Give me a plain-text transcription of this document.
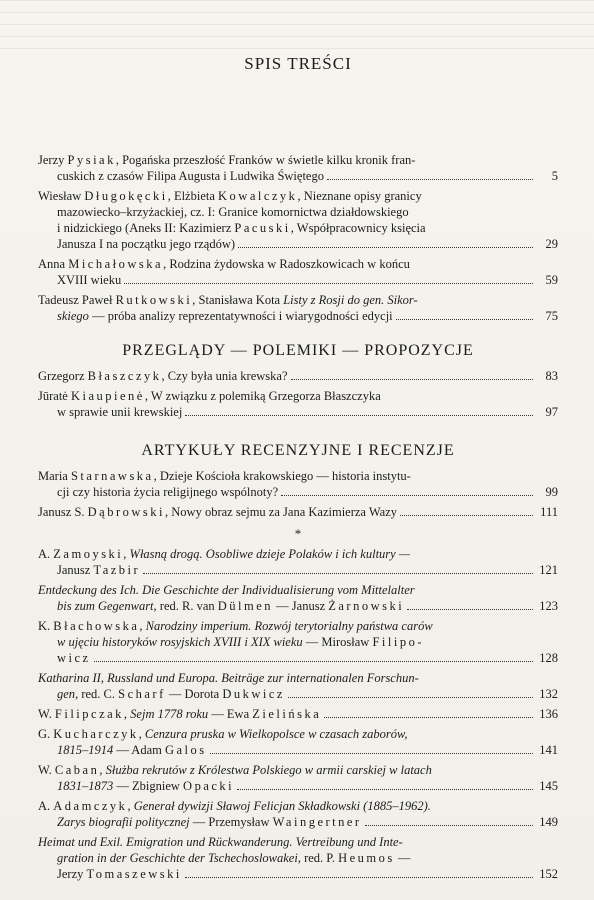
SPIS TREŚCI
Jerzy Pysiak, Pogańska przeszłość Franków w świetle kilku kronik fran-
cuskich z czasów Filipa Augusta i Ludwika Świętego	5
Wiesław Długokęcki, Elżbieta Kowalczyk, Nieznane opisy granicy
mazowiecko–krzyżackiej, cz. I: Granice komornictwa działdowskiego
i nidzickiego (Aneks II: Kazimierz Pacuski, Współpracownicy księcia
Janusza I na początku jego rządów)	29
Anna Michałowska, Rodzina żydowska w Radoszkowicach w końcu
XVIII wieku	59
Tadeusz Paweł Rutkowski, Stanisława Kota Listy z Rosji do gen. Sikor-
skiego — próba analizy reprezentatywności i wiarygodności edycji	75
PRZEGLĄDY — POLEMIKI — PROPOZYCJE
Grzegorz Błaszczyk, Czy była unia krewska?	83
Jūratė Kiaupienė, W związku z polemiką Grzegorza Błaszczyka
w sprawie unii krewskiej	97
ARTYKUŁY RECENZYJNE I RECENZJE
Maria Starnawska, Dzieje Kościoła krakowskiego — historia instytu-
cji czy historia życia religijnego wspólnoty?	99
Janusz S. Dąbrowski, Nowy obraz sejmu za Jana Kazimierza Wazy	111
*
A. Zamoyski, Własną drogą. Osobliwe dzieje Polaków i ich kultury —
Janusz Tazbir	121
Entdeckung des Ich. Die Geschichte der Individualisierung vom Mittelalter
bis zum Gegenwart, red. R. van Dülmen — Janusz Żarnowski	123
K. Błachowska, Narodziny imperium. Rozwój terytorialny państwa carów
w ujęciu historyków rosyjskich XVIII i XIX wieku — Mirosław Filipo-
wicz	128
Katharina II, Russland und Europa. Beiträge zur internationalen Forschun-
gen, red. C. Scharf — Dorota Dukwicz	132
W. Filipczak, Sejm 1778 roku — Ewa Zielińska	136
G. Kucharczyk, Cenzura pruska w Wielkopolsce w czasach zaborów,
1815–1914 — Adam Galos	141
W. Caban, Służba rekrutów z Królestwa Polskiego w armii carskiej w latach
1831–1873 — Zbigniew Opacki	145
A. Adamczyk, Generał dywizji Sławoj Felicjan Składkowski (1885–1962).
Zarys biografii politycznej — Przemysław Waingertner	149
Heimat und Exil. Emigration und Rückwanderung. Vertreibung und Inte-
gration in der Geschichte der Tschechoslowakei, red. P. Heumos —
Jerzy Tomaszewski	152
